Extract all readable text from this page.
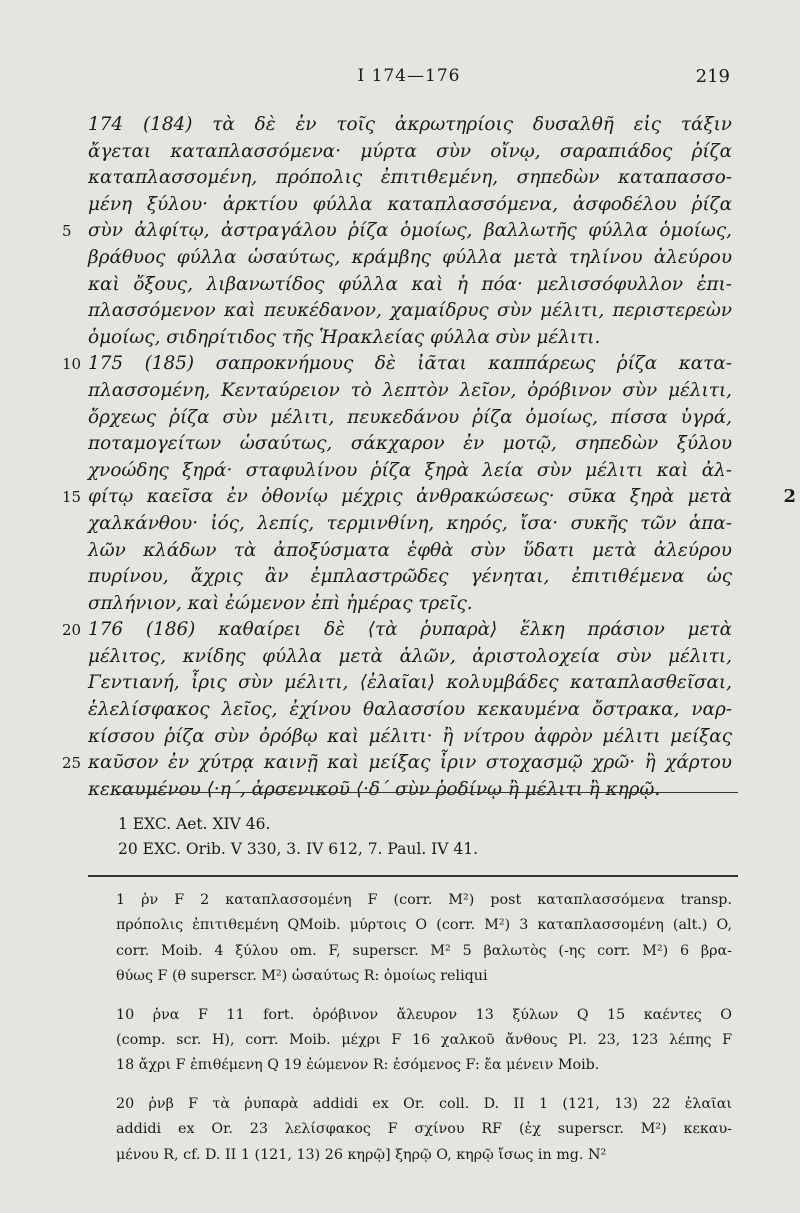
I 174—176	219
174 (184) τὰ δὲ ἐν τοῖς ἀκρωτηρίοις δυσαλθῆ εἰς τάξιν
ἄγεται καταπλασσόμενα· μύρτα σὺν οἴνῳ, σαραπιάδος ῥίζα
καταπλασσομένη, πρόπολις ἐπιτιθεμένη, σηπεδὼν καταπασσο-
μένη ξύλου· ἀρκτίου φύλλα καταπλασσόμενα, ἀσφοδέλου ῥίζα
5 σὺν ἀλφίτῳ, ἀστραγάλου ῥίζα ὁμοίως, βαλλωτῆς φύλλα ὁμοίως,
βράθυος φύλλα ὡσαύτως, κράμβης φύλλα μετὰ τηλίνου ἀλεύρου
καὶ ὄξους, λιβανωτίδος φύλλα καὶ ἡ πόα· μελισσόφυλλον ἐπι-
πλασσόμενον καὶ πευκέδανον, χαμαίδρυς σὺν μέλιτι, περιστερεὼν
ὁμοίως, σιδηρίτιδος τῆς Ἡρακλείας φύλλα σὺν μέλιτι.
10 175 (185) σαπροκνήμους δὲ ἰᾶται καππάρεως ῥίζα κατα-
πλασσομένη, Κενταύρειον τὸ λεπτὸν λεῖον, ὀρόβινον σὺν μέλιτι,
ὄρχεως ῥίζα σὺν μέλιτι, πευκεδάνου ῥίζα ὁμοίως, πίσσα ὑγρά,
ποταμογείτων ὡσαύτως, σάκχαρον ἐν μοτῷ, σηπεδὼν ξύλου
χνοώδης ξηρά· σταφυλίνου ῥίζα ξηρὰ λεία σὺν μέλιτι καὶ ἀλ-
15 φίτῳ καεῖσα ἐν ὀθονίῳ μέχρις ἀνθρακώσεως· σῦκα ξηρὰ μετὰ	2
χαλκάνθου· ἰός, λεπίς, τερμινθίνη, κηρός, ἴσα· συκῆς τῶν ἁπα-
λῶν κλάδων τὰ ἀποξύσματα ἑφθὰ σὺν ὕδατι μετὰ ἀλεύρου
πυρίνου, ἄχρις ἂν ἐμπλαστρῶδες γένηται, ἐπιτιθέμενα ὡς
σπλήνιον, καὶ ἐώμενον ἐπὶ ἡμέρας τρεῖς.
20 176 (186) καθαίρει δὲ ⟨τὰ ῥυπαρὰ⟩ ἕλκη πράσιον μετὰ
μέλιτος, κνίδης φύλλα μετὰ ἁλῶν, ἀριστολοχεία σὺν μέλιτι,
Γεντιανή, ἶρις σὺν μέλιτι, ⟨ἐλαῖαι⟩ κολυμβάδες καταπλασθεῖσαι,
ἑλελίσφακος λεῖος, ἐχίνου θαλασσίου κεκαυμένα ὄστρακα, ναρ-
κίσσου ῥίζα σὺν ὀρόβῳ καὶ μέλιτι· ἢ νίτρου ἀφρὸν μέλιτι μείξας
25 καῦσον ἐν χύτρᾳ καινῇ καὶ μείξας ἶριν στοχασμῷ χρῶ· ἢ χάρτου
κεκαυμένου ⟨·η΄, ἀρσενικοῦ ⟨·δ΄ σὺν ῥοδίνῳ ἢ μέλιτι ἢ κηρῷ.
1 EXC. Aet. XIV 46.
20 EXC. Orib. V 330, 3. IV 612, 7. Paul. IV 41.
1 ῥν F 2 καταπλασσομένη F (corr. M²) post καταπλασσόμενα transp.
πρόπολις ἐπιτιθεμένη QMoib. μύρτοις O (corr. M²) 3 καταπλασσομένη (alt.) O,
corr. Moib. 4 ξύλου om. F, superscr. M² 5 βαλωτὸς (-ης corr. M²) 6 βρα-
θύως F (θ superscr. M²) ὡσαύτως R: ὁμοίως reliqui
10 ῥνα F 11 fort. ὀρόβινον ἄλευρον 13 ξύλων Q 15 καέντες O
(comp. scr. H), corr. Moib. μέχρι F 16 χαλκοῦ ἄνθους Pl. 23, 123 λέπης F
18 ἄχρι F ἐπιθέμενη Q 19 ἐώμενον R: ἐσόμενος F: ἔα μένειν Moib.
20 ῥνβ F τὰ ῥυπαρὰ addidi ex Or. coll. D. II 1 (121, 13) 22 ἐλαῖαι
addidi ex Or. 23 λελίσφακος F σχίνου RF (ἐχ superscr. M²) κεκαυ-
μένου R, cf. D. II 1 (121, 13) 26 κηρῷ] ξηρῷ O, κηρῷ ἴσως in mg. N²
